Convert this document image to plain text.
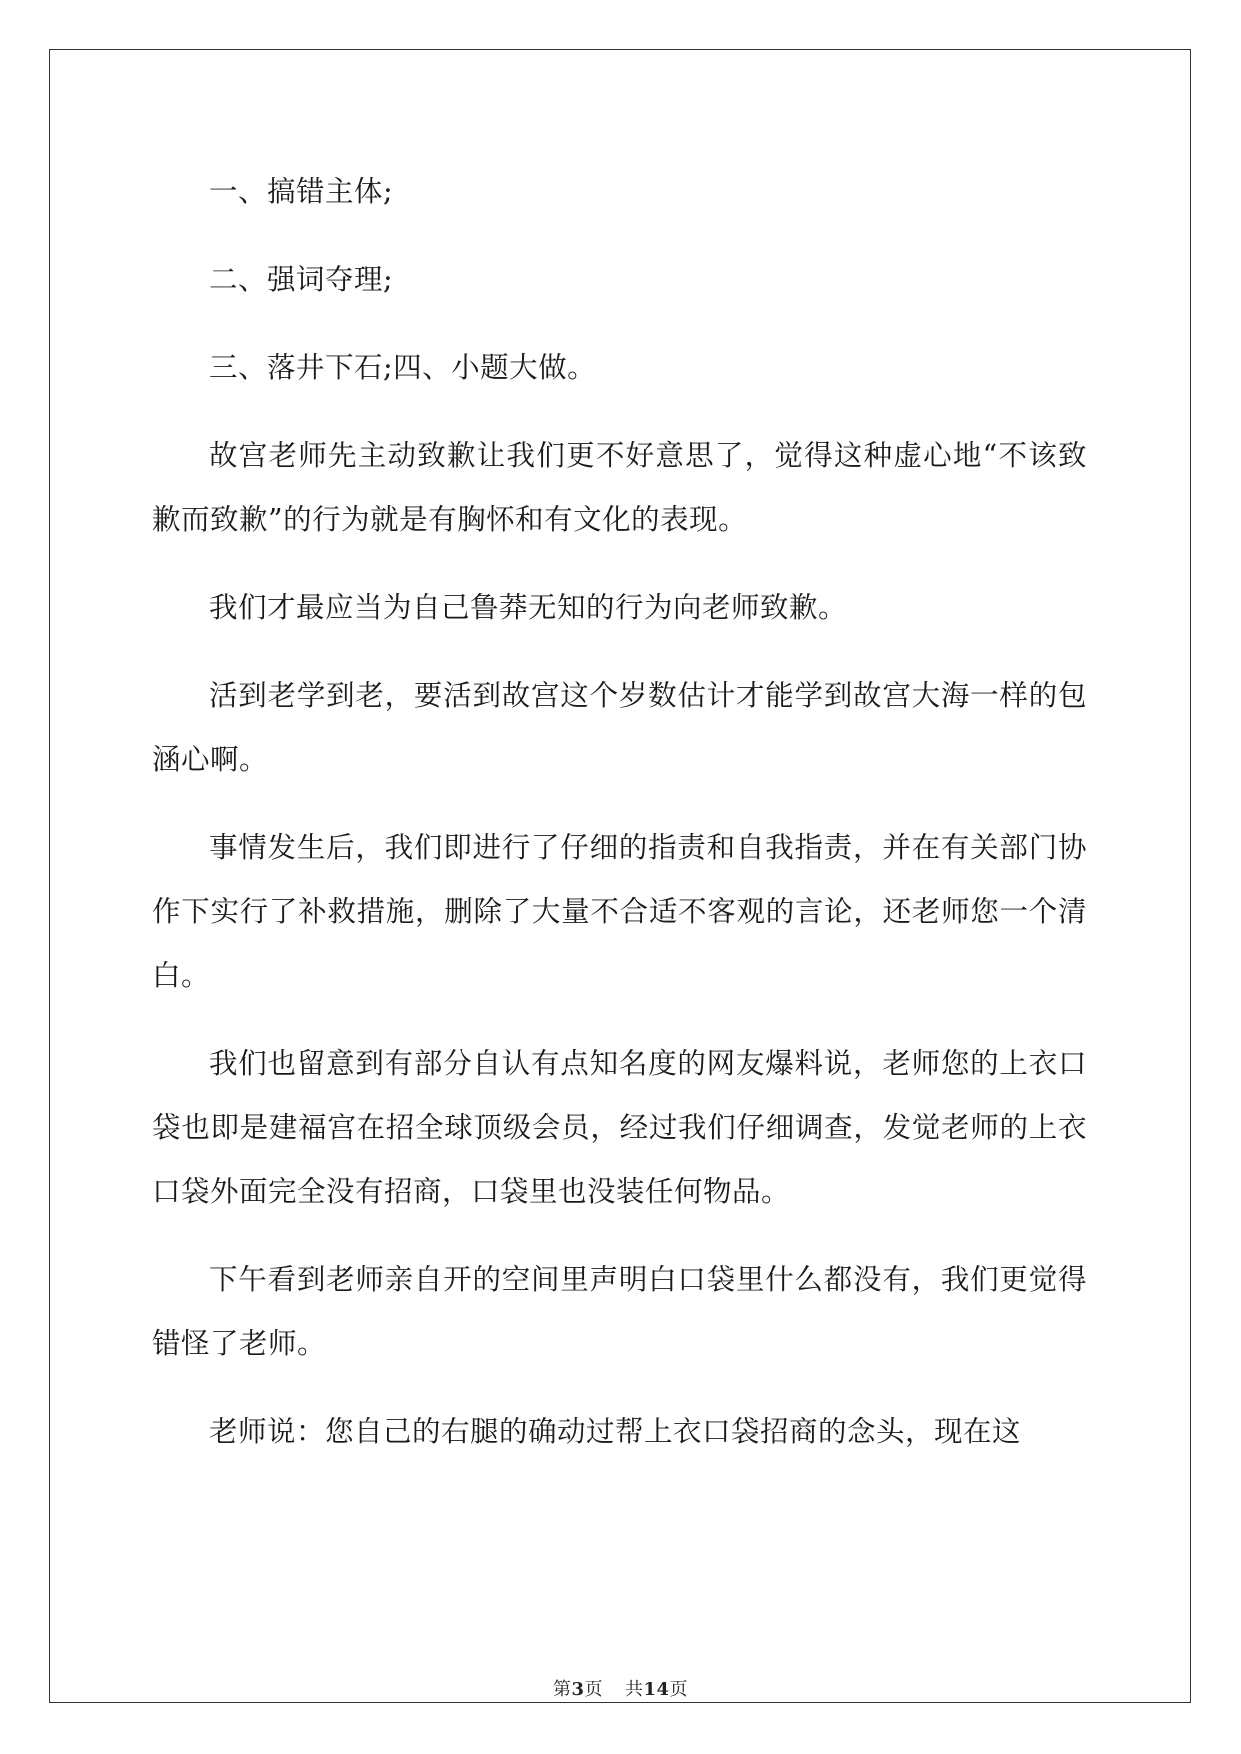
一、搞错主体;

二、强词夺理;

三、落井下石;四、小题大做。

故宫老师先主动致歉让我们更不好意思了，觉得这种虚心地“不该致歉而致歉”的行为就是有胸怀和有文化的表现。

我们才最应当为自己鲁莽无知的行为向老师致歉。

活到老学到老，要活到故宫这个岁数估计才能学到故宫大海一样的包涵心啊。

事情发生后，我们即进行了仔细的指责和自我指责，并在有关部门协作下实行了补救措施，删除了大量不合适不客观的言论，还老师您一个清白。

我们也留意到有部分自认有点知名度的网友爆料说，老师您的上衣口袋也即是建福宫在招全球顶级会员，经过我们仔细调查，发觉老师的上衣口袋外面完全没有招商，口袋里也没装任何物品。

下午看到老师亲自开的空间里声明白口袋里什么都没有，我们更觉得错怪了老师。

老师说：您自己的右腿的确动过帮上衣口袋招商的念头，现在这

第3页 共14页
